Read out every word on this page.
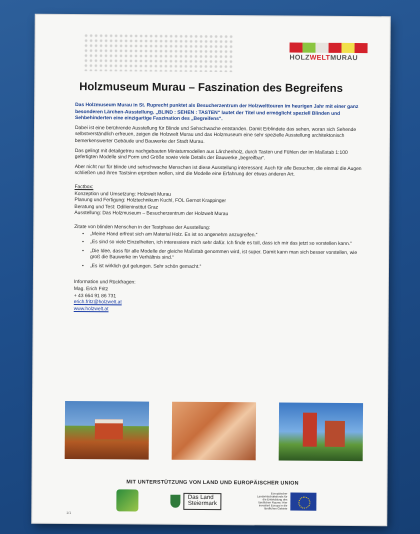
HOLZWELTMURAU
Holzmuseum Murau – Faszination des Begreifens

Das Holzmuseum Murau in St. Ruprecht punktet als Besucherzentrum der Holzwelttouren im heurigen Jahr mit einer ganz besonderen Lärchen-Ausstellung. „BLIND : SEHEN : TASTEN“ lautet der Titel und ermöglicht speziell Blinden und Sehbehinderten eine einzigartige Faszination des „Begreifens“.

Dabei ist eine berührende Ausstellung für Blinde und Sehschwache entstanden. Damit Erblindete das sehen, woran sich Sehende selbstverständlich erfreuen, zeigen die Holzwelt Murau und das Holzmuseum eine sehr spezielle Ausstellung architektonisch bemerkenswerter Gebäude und Bauwerke der Stadt Murau.

Das gelingt mit detailgetreu nachgebauten Miniaturmodellen aus Lärchenholz, durch Tasten und Fühlen der im Maßstab 1:100 gefertigten Modelle sind Form und Größe sowie viele Details der Bauwerke „begreifbar“.

Aber nicht nur für blinde und sehschwache Menschen ist diese Ausstellung interessant: Auch für alle Besucher, die einmal die Augen schließen und ihren Tastsinn erproben wollen, sind die Modelle eine Erfahrung der etwas anderen Art.

Factbox:
Konzeption und Umsetzung: Holzwelt Murau
Planung und Fertigung: Holztechnikum Kuchl, FOL Gernot Krappinger
Beratung und Test: Odilieninstitut Graz
Ausstellung: Das Holzmuseum – Besucherzentrum der Holzwelt Murau
Zitate von blinden Menschen in der Testphase der Ausstellung:
• „Meine Hand erfreut sich am Material Holz. Es ist so angenehm anzugreifen.“
• „Es sind so viele Einzelheiten, ich interessiere mich sehr dafür. Ich finde es toll, dass ich mir das jetzt so vorstellen kann.“
• „Die Idee, dass für alle Modelle der gleiche Maßstab genommen wird, ist super. Damit kann man sich besser vorstellen, wie groß die Bauwerke im Verhältnis sind.“
• „Es ist wirklich gut gelungen. Sehr schön gemacht.“
Information und Rückfragen:
Mag. Erich Fritz
+ 43 664 91 86 731
erich.fritz@holzwelt.at
www.holzwelt.at
MIT UNTERSTÜTZUNG VON LAND UND EUROPÄISCHER UNION
Das Land
Steiermark
Europäischer Landwirtschaftsfonds für die Entwicklung des ländlichen Raums: Hier investiert Europa in die ländlichen Gebiete
1/1
